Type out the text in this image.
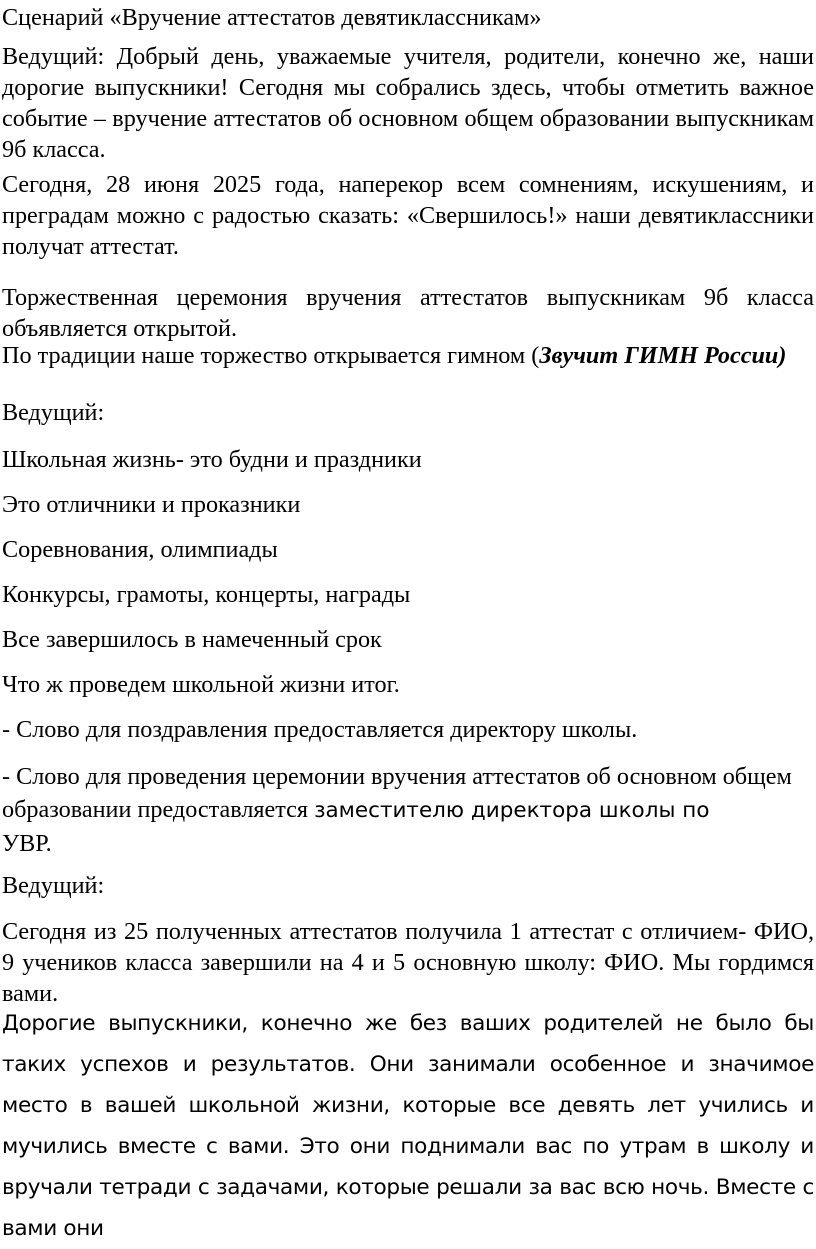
Сценарий «Вручение аттестатов девятиклассникам»

Ведущий: Добрый день, уважаемые учителя, родители, конечно же, наши дорогие выпускники! Сегодня мы собрались здесь, чтобы отметить важное событие – вручение аттестатов об основном общем образовании выпускникам 9б класса.

Сегодня, 28 июня 2025 года, наперекор всем сомнениям, искушениям, и преградам можно с радостью сказать: «Свершилось!» наши девятиклассники получат аттестат.

Торжественная церемония вручения аттестатов выпускникам 9б класса объявляется открытой.

По традиции наше торжество открывается гимном (Звучит ГИМН России)

Ведущий:

Школьная жизнь- это будни и праздники

Это отличники и проказники

Соревнования, олимпиады

Конкурсы, грамоты, концерты, награды

Все завершилось в намеченный срок

Что ж проведем школьной жизни итог.

- Слово для поздравления предоставляется директору школы.

- Слово для проведения церемонии вручения аттестатов об основном общем образовании предоставляется заместителю директора школы по
УВР.

Ведущий:

Сегодня из 25 полученных аттестатов получила 1 аттестат с отличием- ФИО, 9 учеников класса завершили на 4 и 5 основную школу: ФИО. Мы гордимся вами.

Дорогие выпускники, конечно же без ваших родителей не было бы таких успехов и результатов. Они занимали особенное и значимое место в вашей школьной жизни, которые все девять лет учились и мучились вместе с вами. Это они поднимали вас по утрам в школу и вручали тетради с задачами, которые решали за вас всю ночь. Вместе с вами они
